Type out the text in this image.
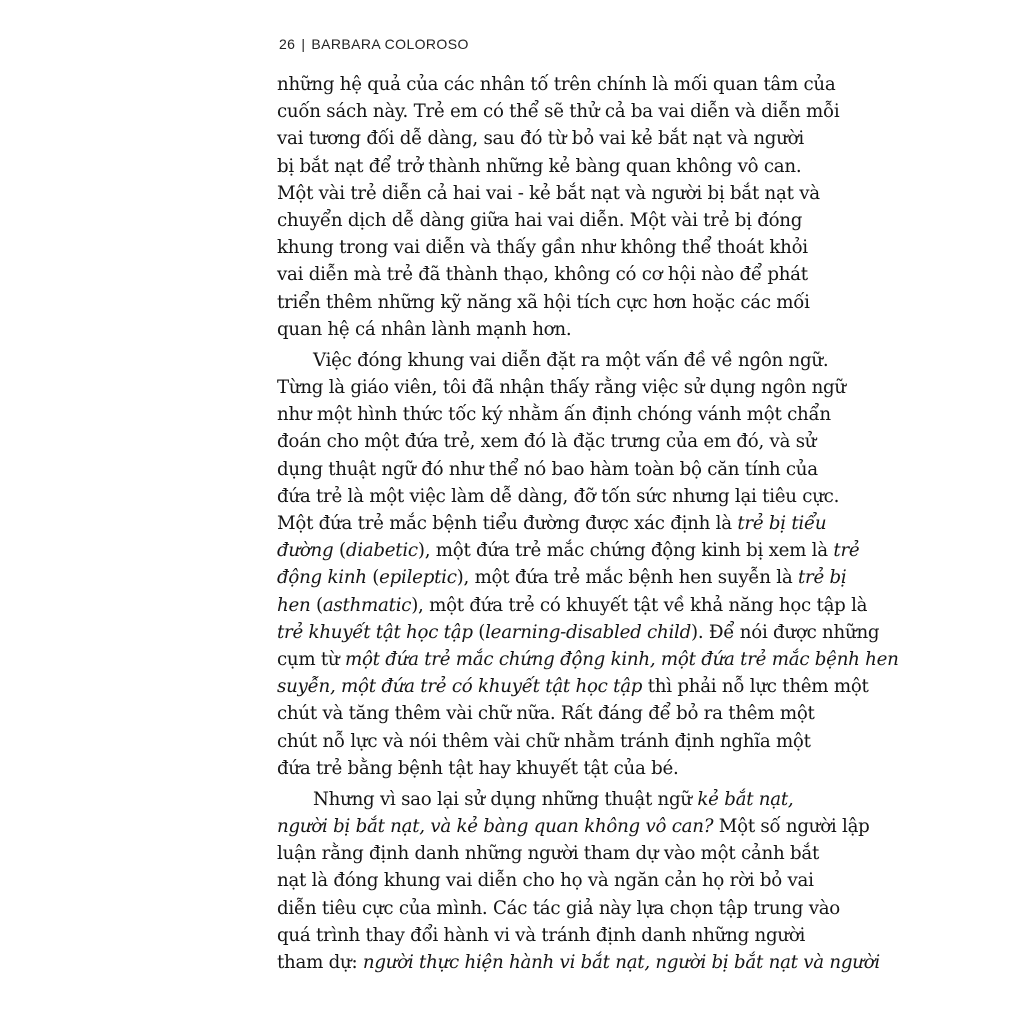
26 | BARBARA COLOROSO
những hệ quả của các nhân tố trên chính là mối quan tâm của
cuốn sách này. Trẻ em có thể sẽ thử cả ba vai diễn và diễn mỗi
vai tương đối dễ dàng, sau đó từ bỏ vai kẻ bắt nạt và người
bị bắt nạt để trở thành những kẻ bàng quan không vô can.
Một vài trẻ diễn cả hai vai - kẻ bắt nạt và người bị bắt nạt và
chuyển dịch dễ dàng giữa hai vai diễn. Một vài trẻ bị đóng
khung trong vai diễn và thấy gần như không thể thoát khỏi
vai diễn mà trẻ đã thành thạo, không có cơ hội nào để phát
triển thêm những kỹ năng xã hội tích cực hơn hoặc các mối
quan hệ cá nhân lành mạnh hơn.
Việc đóng khung vai diễn đặt ra một vấn đề về ngôn ngữ.
Từng là giáo viên, tôi đã nhận thấy rằng việc sử dụng ngôn ngữ
như một hình thức tốc ký nhằm ấn định chóng vánh một chẩn
đoán cho một đứa trẻ, xem đó là đặc trưng của em đó, và sử
dụng thuật ngữ đó như thể nó bao hàm toàn bộ căn tính của
đứa trẻ là một việc làm dễ dàng, đỡ tốn sức nhưng lại tiêu cực.
Một đứa trẻ mắc bệnh tiểu đường được xác định là trẻ bị tiểu
đường (diabetic), một đứa trẻ mắc chứng động kinh bị xem là trẻ
động kinh (epileptic), một đứa trẻ mắc bệnh hen suyễn là trẻ bị
hen (asthmatic), một đứa trẻ có khuyết tật về khả năng học tập là
trẻ khuyết tật học tập (learning-disabled child). Để nói được những
cụm từ một đứa trẻ mắc chứng động kinh, một đứa trẻ mắc bệnh hen
suyễn, một đứa trẻ có khuyết tật học tập thì phải nỗ lực thêm một
chút và tăng thêm vài chữ nữa. Rất đáng để bỏ ra thêm một
chút nỗ lực và nói thêm vài chữ nhằm tránh định nghĩa một
đứa trẻ bằng bệnh tật hay khuyết tật của bé.
Nhưng vì sao lại sử dụng những thuật ngữ kẻ bắt nạt,
người bị bắt nạt, và kẻ bàng quan không vô can? Một số người lập
luận rằng định danh những người tham dự vào một cảnh bắt
nạt là đóng khung vai diễn cho họ và ngăn cản họ rời bỏ vai
diễn tiêu cực của mình. Các tác giả này lựa chọn tập trung vào
quá trình thay đổi hành vi và tránh định danh những người
tham dự: người thực hiện hành vi bắt nạt, người bị bắt nạt và người
